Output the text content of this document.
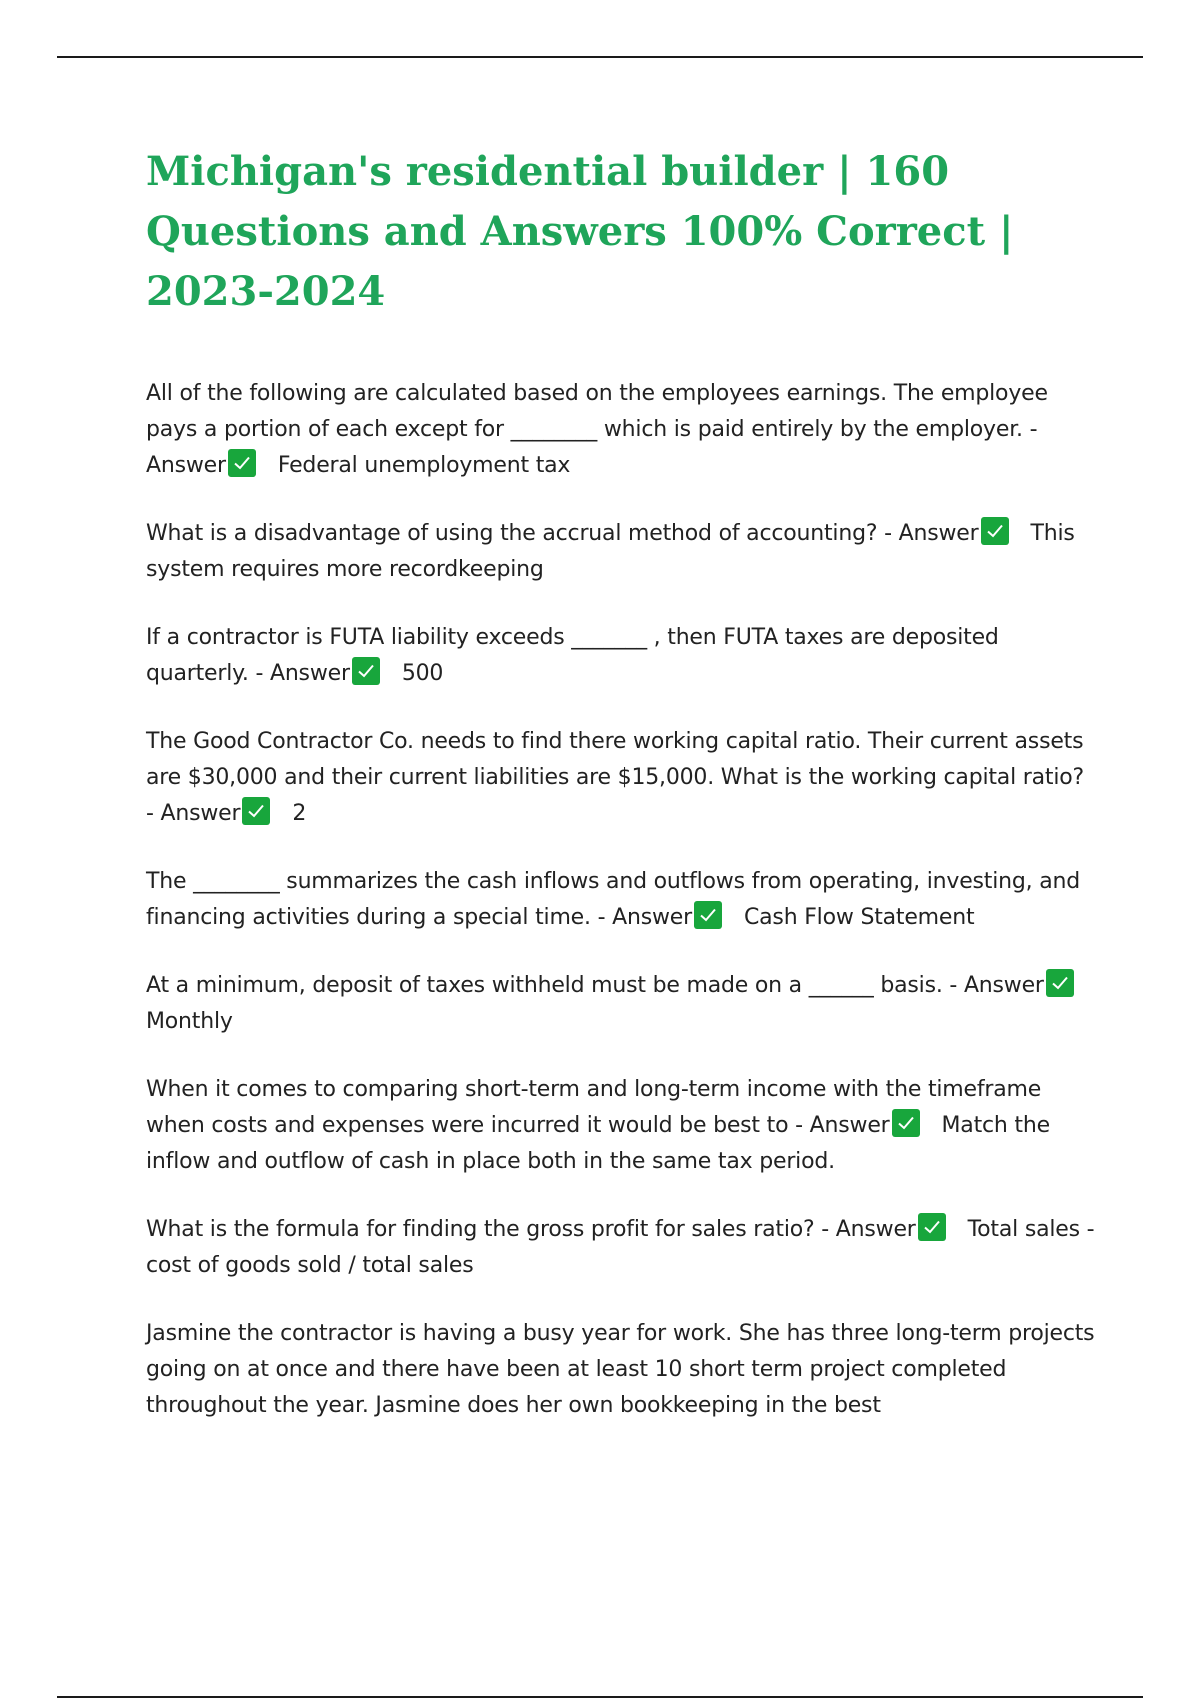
Michigan's residential builder | 160 Questions and Answers 100% Correct | 2023-2024

All of the following are calculated based on the employees earnings. The employee pays a portion of each except for ________ which is paid entirely by the employer. - Answer Federal unemployment tax

What is a disadvantage of using the accrual method of accounting? - Answer This system requires more recordkeeping

If a contractor is FUTA liability exceeds _______ , then FUTA taxes are deposited quarterly. - Answer 500

The Good Contractor Co. needs to find there working capital ratio. Their current assets are $30,000 and their current liabilities are $15,000. What is the working capital ratio? - Answer 2

The ________ summarizes the cash inflows and outflows from operating, investing, and financing activities during a special time. - Answer Cash Flow Statement

At a minimum, deposit of taxes withheld must be made on a ______ basis. - Answer
Monthly

When it comes to comparing short-term and long-term income with the timeframe when costs and expenses were incurred it would be best to - Answer Match the inflow and outflow of cash in place both in the same tax period.

What is the formula for finding the gross profit for sales ratio? - Answer Total sales - cost of goods sold / total sales

Jasmine the contractor is having a busy year for work. She has three long-term projects going on at once and there have been at least 10 short term project completed throughout the year. Jasmine does her own bookkeeping in the best
